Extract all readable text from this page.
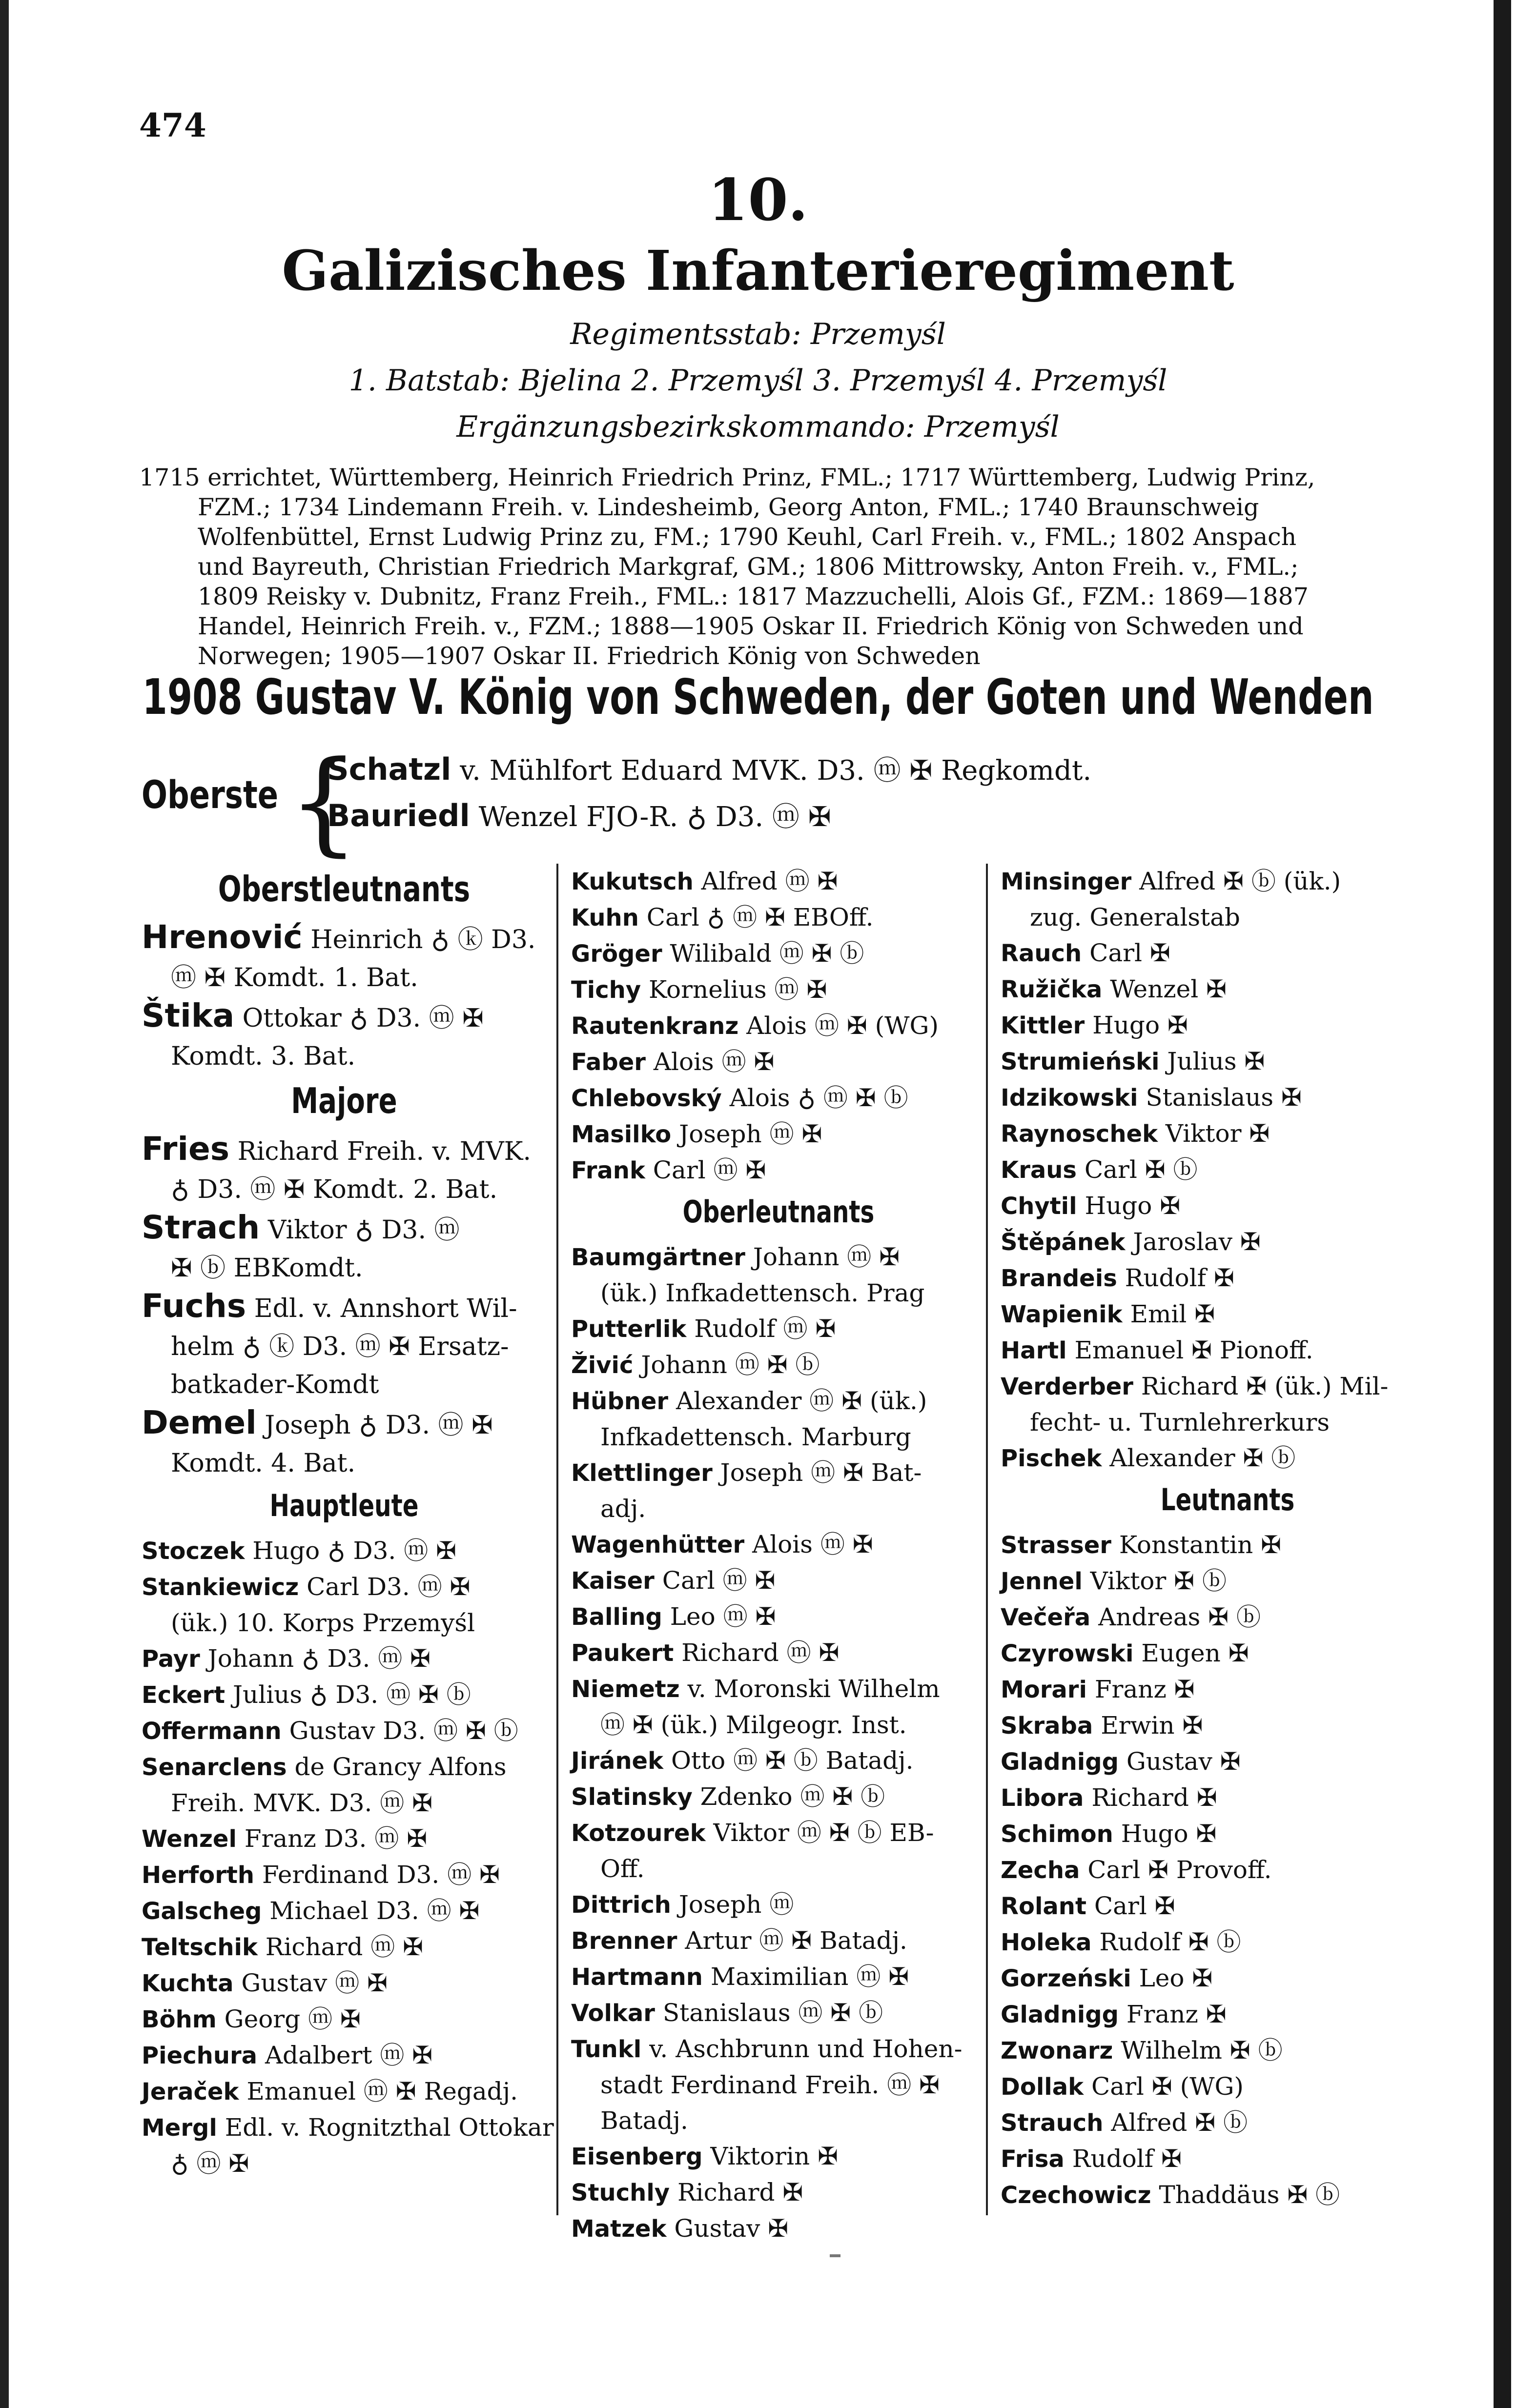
474
10.
Galizisches Infanterieregiment
Regimentsstab: Przemyśl
1. Batstab: Bjelina 2. Przemyśl 3. Przemyśl 4. Przemyśl
Ergänzungsbezirkskommando: Przemyśl
1715 errichtet, Württemberg, Heinrich Friedrich Prinz, FML.; 1717 Württemberg, Ludwig Prinz,
FZM.; 1734 Lindemann Freih. v. Lindesheimb, Georg Anton, FML.; 1740 Braunschweig
Wolfenbüttel, Ernst Ludwig Prinz zu, FM.; 1790 Keuhl, Carl Freih. v., FML.; 1802 Anspach
und Bayreuth, Christian Friedrich Markgraf, GM.; 1806 Mittrowsky, Anton Freih. v., FML.;
1809 Reisky v. Dubnitz, Franz Freih., FML.: 1817 Mazzuchelli, Alois Gf., FZM.: 1869—1887
Handel, Heinrich Freih. v., FZM.; 1888—1905 Oskar II. Friedrich König von Schweden und
Norwegen; 1905—1907 Oskar II. Friedrich König von Schweden
1908 Gustav V. König von Schweden, der Goten und Wenden
Oberste {
Schatzl v. Mühlfort Eduard MVK. D3. ⓜ ✠ Regkomdt.
Bauriedl Wenzel FJO-R. ♁ D3. ⓜ ✠
Oberstleutnants
Hrenović Heinrich ♁ ⓚ D3.
ⓜ ✠ Komdt. 1. Bat.
Štika Ottokar ♁ D3. ⓜ ✠
Komdt. 3. Bat.
Majore
Fries Richard Freih. v. MVK.
♁ D3. ⓜ ✠ Komdt. 2. Bat.
Strach Viktor ♁ D3. ⓜ
✠ ⓑ EBKomdt.
Fuchs Edl. v. Annshort Wil-
helm ♁ ⓚ D3. ⓜ ✠ Ersatz-
batkader-Komdt
Demel Joseph ♁ D3. ⓜ ✠
Komdt. 4. Bat.
Hauptleute
Stoczek Hugo ♁ D3. ⓜ ✠
Stankiewicz Carl D3. ⓜ ✠
(ük.) 10. Korps Przemyśl
Payr Johann ♁ D3. ⓜ ✠
Eckert Julius ♁ D3. ⓜ ✠ ⓑ
Offermann Gustav D3. ⓜ ✠ ⓑ
Senarclens de Grancy Alfons
Freih. MVK. D3. ⓜ ✠
Wenzel Franz D3. ⓜ ✠
Herforth Ferdinand D3. ⓜ ✠
Galscheg Michael D3. ⓜ ✠
Teltschik Richard ⓜ ✠
Kuchta Gustav ⓜ ✠
Böhm Georg ⓜ ✠
Piechura Adalbert ⓜ ✠
Jeraček Emanuel ⓜ ✠ Regadj.
Mergl Edl. v. Rognitzthal Ottokar
♁ ⓜ ✠
Kukutsch Alfred ⓜ ✠
Kuhn Carl ♁ ⓜ ✠ EBOff.
Gröger Wilibald ⓜ ✠ ⓑ
Tichy Kornelius ⓜ ✠
Rautenkranz Alois ⓜ ✠ (WG)
Faber Alois ⓜ ✠
Chlebovský Alois ♁ ⓜ ✠ ⓑ
Masilko Joseph ⓜ ✠
Frank Carl ⓜ ✠
Oberleutnants
Baumgärtner Johann ⓜ ✠
(ük.) Infkadettensch. Prag
Putterlik Rudolf ⓜ ✠
Živić Johann ⓜ ✠ ⓑ
Hübner Alexander ⓜ ✠ (ük.)
Infkadettensch. Marburg
Klettlinger Joseph ⓜ ✠ Bat-
adj.
Wagenhütter Alois ⓜ ✠
Kaiser Carl ⓜ ✠
Balling Leo ⓜ ✠
Paukert Richard ⓜ ✠
Niemetz v. Moronski Wilhelm
ⓜ ✠ (ük.) Milgeogr. Inst.
Jiránek Otto ⓜ ✠ ⓑ Batadj.
Slatinsky Zdenko ⓜ ✠ ⓑ
Kotzourek Viktor ⓜ ✠ ⓑ EB-
Off.
Dittrich Joseph ⓜ
Brenner Artur ⓜ ✠ Batadj.
Hartmann Maximilian ⓜ ✠
Volkar Stanislaus ⓜ ✠ ⓑ
Tunkl v. Aschbrunn und Hohen-
stadt Ferdinand Freih. ⓜ ✠
Batadj.
Eisenberg Viktorin ✠
Stuchly Richard ✠
Matzek Gustav ✠
Minsinger Alfred ✠ ⓑ (ük.)
zug. Generalstab
Rauch Carl ✠
Ružička Wenzel ✠
Kittler Hugo ✠
Strumieński Julius ✠
Idzikowski Stanislaus ✠
Raynoschek Viktor ✠
Kraus Carl ✠ ⓑ
Chytil Hugo ✠
Štěpánek Jaroslav ✠
Brandeis Rudolf ✠
Wapienik Emil ✠
Hartl Emanuel ✠ Pionoff.
Verderber Richard ✠ (ük.) Mil-
fecht- u. Turnlehrerkurs
Pischek Alexander ✠ ⓑ
Leutnants
Strasser Konstantin ✠
Jennel Viktor ✠ ⓑ
Večeřa Andreas ✠ ⓑ
Czyrowski Eugen ✠
Morari Franz ✠
Skraba Erwin ✠
Gladnigg Gustav ✠
Libora Richard ✠
Schimon Hugo ✠
Zecha Carl ✠ Provoff.
Rolant Carl ✠
Holeka Rudolf ✠ ⓑ
Gorzeński Leo ✠
Gladnigg Franz ✠
Zwonarz Wilhelm ✠ ⓑ
Dollak Carl ✠ (WG)
Strauch Alfred ✠ ⓑ
Frisa Rudolf ✠
Czechowicz Thaddäus ✠ ⓑ
